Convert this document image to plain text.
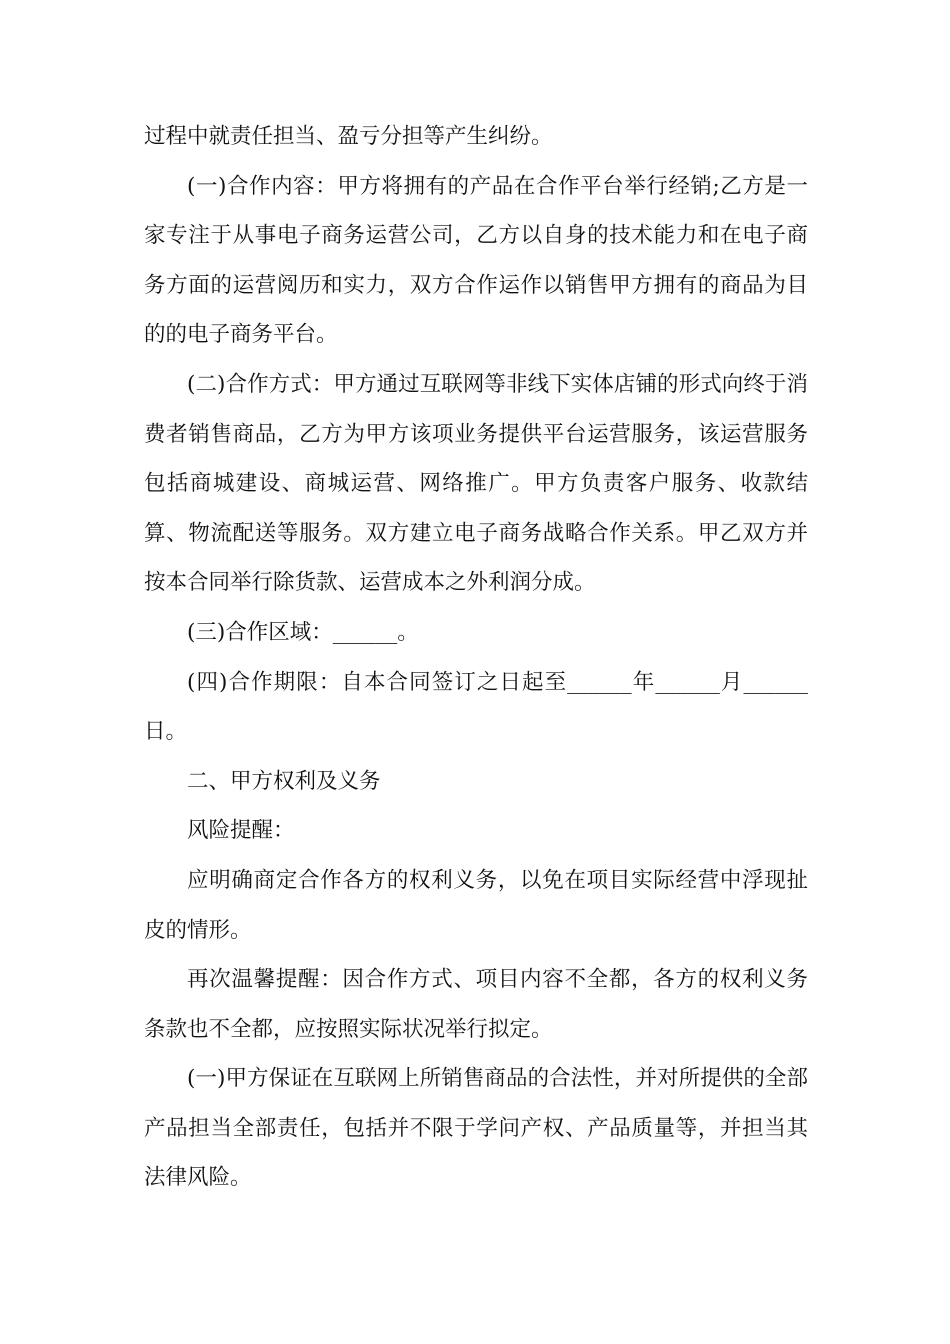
过程中就责任担当、盈亏分担等产生纠纷。

(一)合作内容：甲方将拥有的产品在合作平台举行经销;乙方是一家专注于从事电子商务运营公司，乙方以自身的技术能力和在电子商务方面的运营阅历和实力，双方合作运作以销售甲方拥有的商品为目的的电子商务平台。

(二)合作方式：甲方通过互联网等非线下实体店铺的形式向终于消费者销售商品，乙方为甲方该项业务提供平台运营服务，该运营服务包括商城建设、商城运营、网络推广。甲方负责客户服务、收款结算、物流配送等服务。双方建立电子商务战略合作关系。甲乙双方并按本合同举行除货款、运营成本之外利润分成。

(三)合作区域：______。

(四)合作期限：自本合同签订之日起至______年______月______日。

二、甲方权利及义务

风险提醒：

应明确商定合作各方的权利义务，以免在项目实际经营中浮现扯皮的情形。

再次温馨提醒：因合作方式、项目内容不全都，各方的权利义务条款也不全都，应按照实际状况举行拟定。

(一)甲方保证在互联网上所销售商品的合法性，并对所提供的全部产品担当全部责任，包括并不限于学问产权、产品质量等，并担当其法律风险。
